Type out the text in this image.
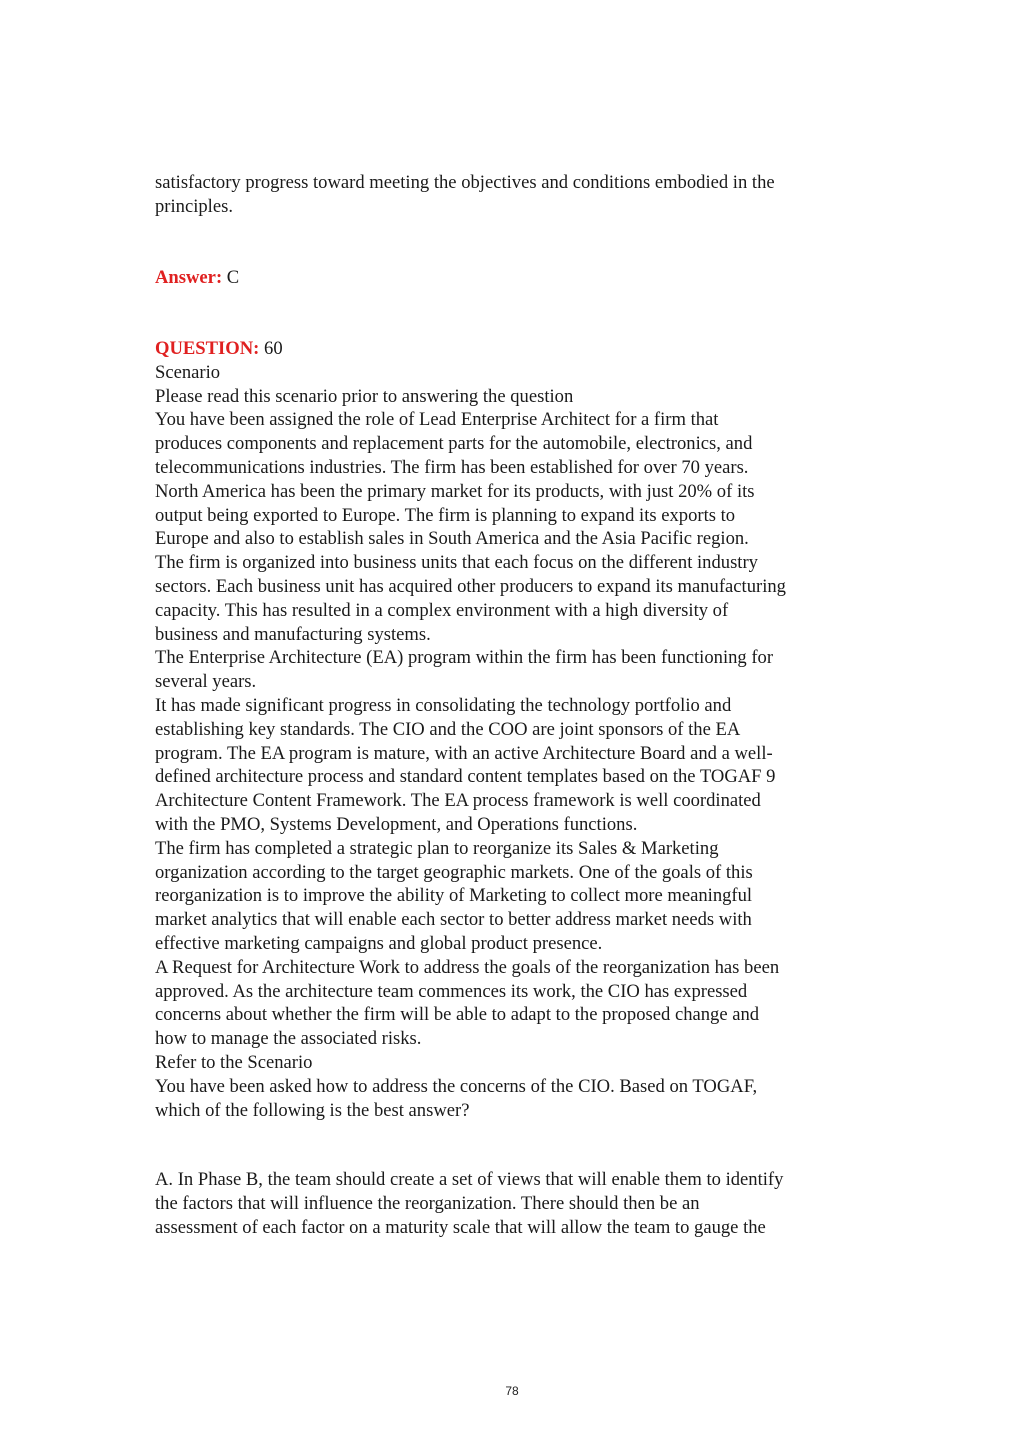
satisfactory progress toward meeting the objectives and conditions embodied in the
principles.
Answer: C
QUESTION: 60
Scenario
Please read this scenario prior to answering the question
You have been assigned the role of Lead Enterprise Architect for a firm that
produces components and replacement parts for the automobile, electronics, and
telecommunications industries. The firm has been established for over 70 years.
North America has been the primary market for its products, with just 20% of its
output being exported to Europe. The firm is planning to expand its exports to
Europe and also to establish sales in South America and the Asia Pacific region.
The firm is organized into business units that each focus on the different industry
sectors. Each business unit has acquired other producers to expand its manufacturing
capacity. This has resulted in a complex environment with a high diversity of
business and manufacturing systems.
The Enterprise Architecture (EA) program within the firm has been functioning for
several years.
It has made significant progress in consolidating the technology portfolio and
establishing key standards. The CIO and the COO are joint sponsors of the EA
program. The EA program is mature, with an active Architecture Board and a well-
defined architecture process and standard content templates based on the TOGAF 9
Architecture Content Framework. The EA process framework is well coordinated
with the PMO, Systems Development, and Operations functions.
The firm has completed a strategic plan to reorganize its Sales & Marketing
organization according to the target geographic markets. One of the goals of this
reorganization is to improve the ability of Marketing to collect more meaningful
market analytics that will enable each sector to better address market needs with
effective marketing campaigns and global product presence.
A Request for Architecture Work to address the goals of the reorganization has been
approved. As the architecture team commences its work, the CIO has expressed
concerns about whether the firm will be able to adapt to the proposed change and
how to manage the associated risks.
Refer to the Scenario
You have been asked how to address the concerns of the CIO. Based on TOGAF,
which of the following is the best answer?
A. In Phase B, the team should create a set of views that will enable them to identify
the factors that will influence the reorganization. There should then be an
assessment of each factor on a maturity scale that will allow the team to gauge the
78
